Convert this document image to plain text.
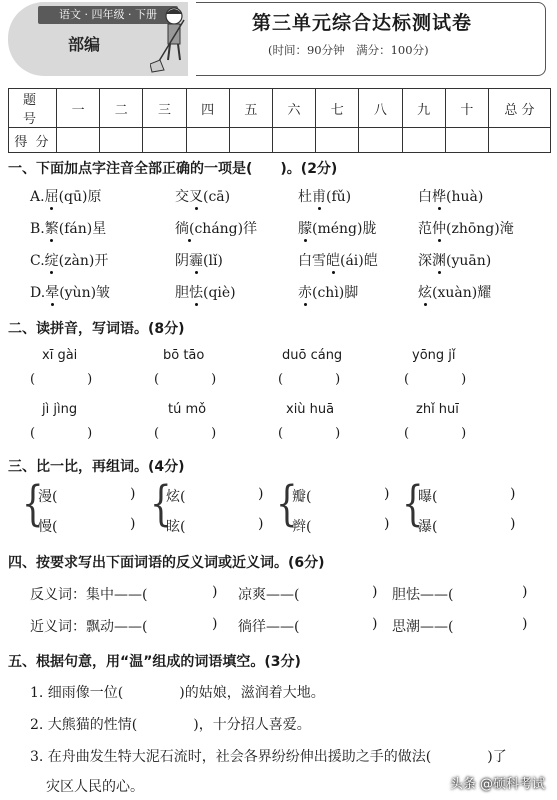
语文 · 四年级 · 下册
部编
第三单元综合达标测试卷
(时间：90分钟　满分：100分)
题　号	一	二	三	四	五	六	七	八	九	十	总 分
得 分											
一、下面加点字注音全部正确的一项是(　　)。(2分)
A.屈(qū)原	交叉(cā)	杜甫(fǔ)	白桦(huà)
B.繁(fán)星	徜(cháng)徉	朦(méng)胧	范仲(zhōng)淹
C.绽(zàn)开	阴霾(lǐ)	白雪皑(ái)皑	深渊(yuān)
D.晕(yùn)皱	胆怯(qiè)	赤(chì)脚	炫(xuàn)耀
二、读拼音，写词语。(8分)
xī gài	bō tāo	duō cáng	yōng jǐ
(　　　　)	(　　　　)	(　　　　)	(　　　　)
jì jìng	tú mǒ	xiù huā	zhǐ huī
(　　　　)	(　　　　)	(　　　　)	(　　　　)
三、比一比，再组词。(4分)
{
漫(	)
慢(	) {
炫(	)
眩(	) {
瓣(	)
辫(	) {
曝(	)
瀑(	)
四、按要求写出下面词语的反义词或近义词。(6分)
反义词：集中——(	) 凉爽——(	) 胆怯——(	)
近义词：飘动——(	) 徜徉——(	) 思潮——(	)
五、根据句意，用“温”组成的词语填空。(3分)
1. 细雨像一位(　　　　)的姑娘，滋润着大地。
2. 大熊猫的性情(　　　　)，十分招人喜爱。
3. 在舟曲发生特大泥石流时，社会各界纷纷伸出援助之手的做法(　　　　)了
灾区人民的心。	头条 @硕科考试
